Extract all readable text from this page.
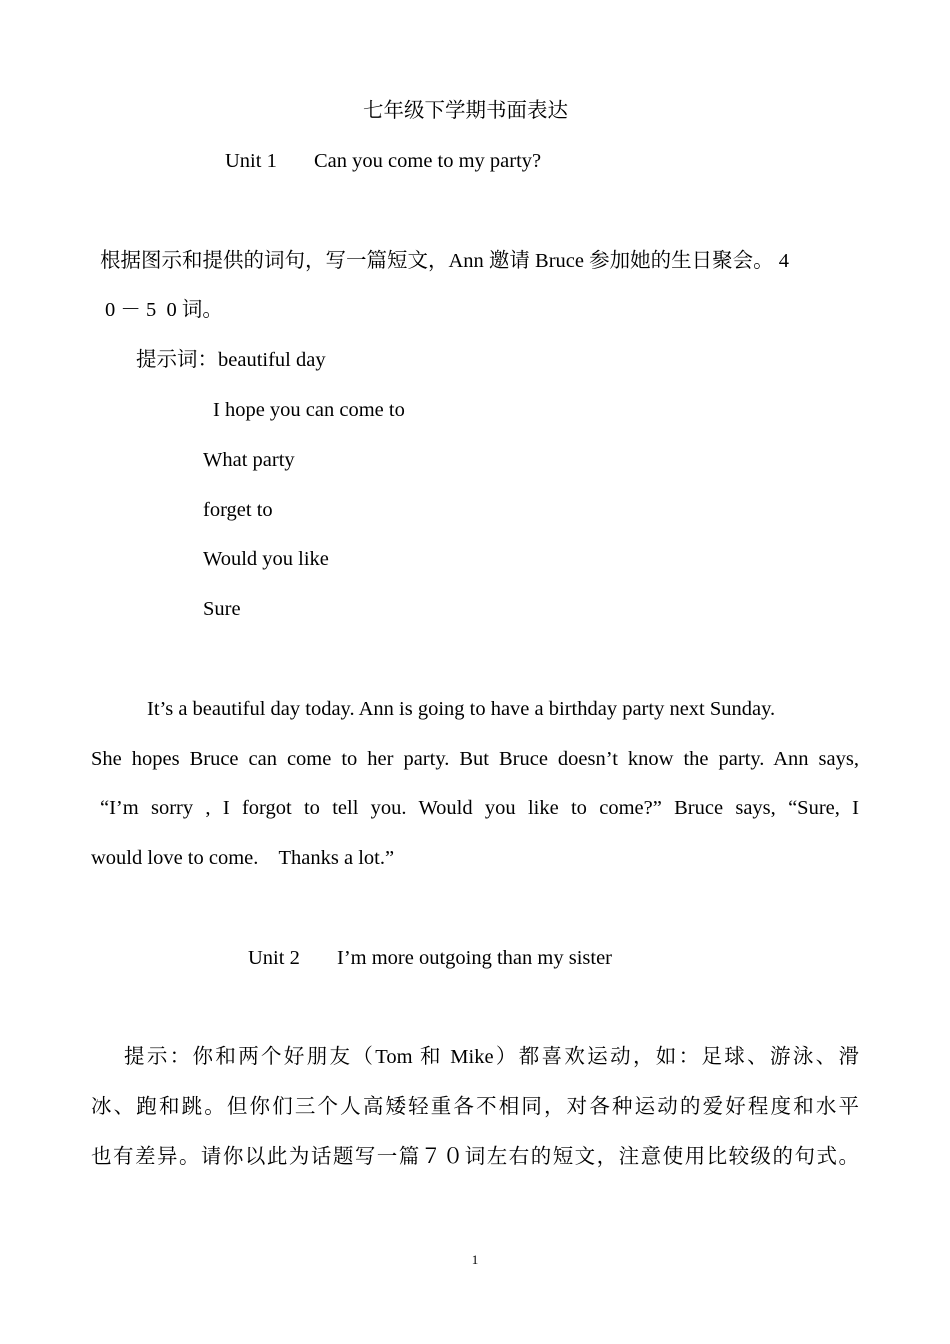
七年级下学期书面表达
Unit 1 Can you come to my party?
根据图示和提供的词句，写一篇短文，Ann 邀请 Bruce 参加她的生日聚会。 4
0 － 5  0 词。
提示词：beautiful day
I hope you can come to
What party
forget to
Would you like
Sure
It’s a beautiful day today. Ann is going to have a birthday party next Sunday.
She hopes Bruce can come to her party. But Bruce doesn’t know the party. Ann says,
“I’m sorry , I forgot to tell you. Would you like to come?” Bruce says, “Sure, I
would love to come.    Thanks a lot.”
Unit 2 I’m more outgoing than my sister
提示：你和两个好朋友（Tom 和 Mike）都喜欢运动，如：足球、游泳、滑
冰、跑和跳。但你们三个人高矮轻重各不相同，对各种运动的爱好程度和水平
也有差异。请你以此为话题写一篇７０词左右的短文，注意使用比较级的句式。
1
